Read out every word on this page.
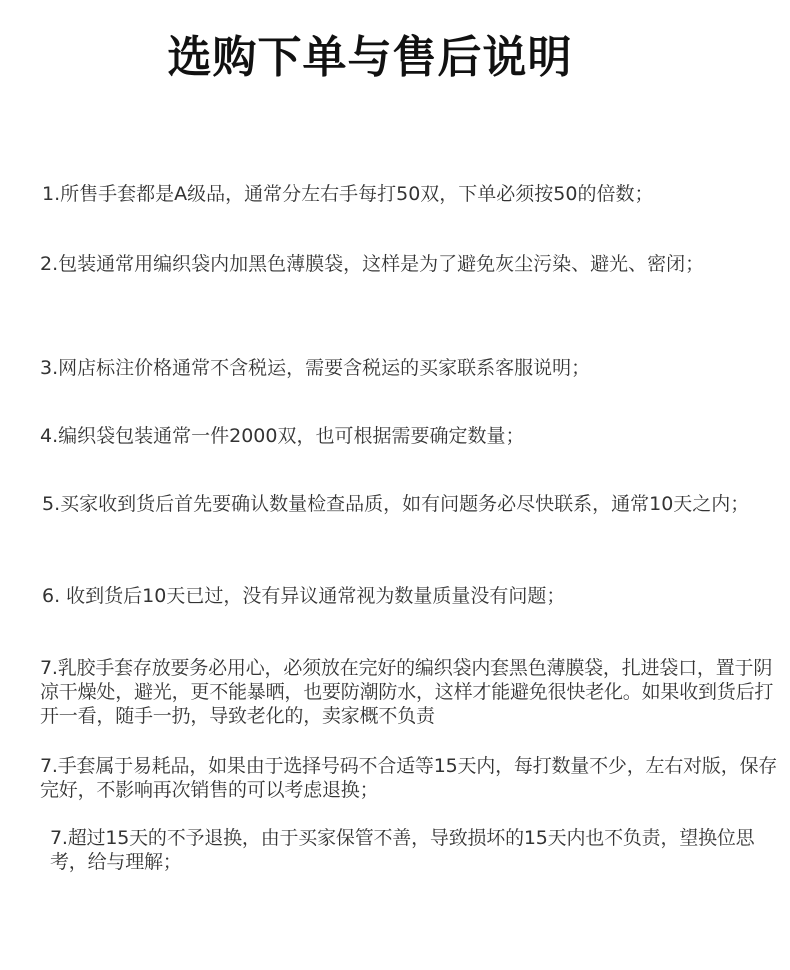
选购下单与售后说明
1.所售手套都是A级品，通常分左右手每打50双，下单必须按50的倍数；
2.包装通常用编织袋内加黑色薄膜袋，这样是为了避免灰尘污染、避光、密闭；
3.网店标注价格通常不含税运，需要含税运的买家联系客服说明；
4.编织袋包装通常一件2000双，也可根据需要确定数量；
5.买家收到货后首先要确认数量检查品质，如有问题务必尽快联系，通常10天之内；
6. 收到货后10天已过，没有异议通常视为数量质量没有问题；
7.乳胶手套存放要务必用心，必须放在完好的编织袋内套黑色薄膜袋，扎进袋口，置于阴凉干燥处，避光，更不能暴晒，也要防潮防水，这样才能避免很快老化。如果收到货后打开一看，随手一扔，导致老化的，卖家概不负责
7.手套属于易耗品，如果由于选择号码不合适等15天内，每打数量不少，左右对版，保存完好，不影响再次销售的可以考虑退换；
7.超过15天的不予退换，由于买家保管不善，导致损坏的15天内也不负责，望换位思考，给与理解；
